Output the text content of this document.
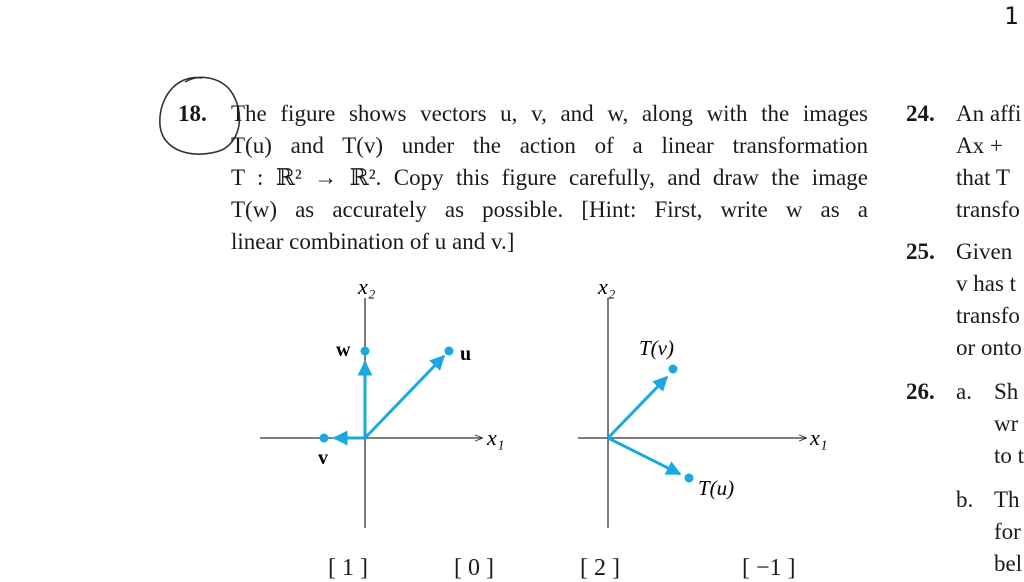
1
18. The figure shows vectors u, v, and w, along with the images
T(u) and T(v) under the action of a linear transformation
T : ℝ² → ℝ². Copy this figure carefully, and draw the image
T(w) as accurately as possible. [Hint: First, write w as a
linear combination of u and v.]
x₁
x₂
u
w
v
x₁
x₂
T(v)
T(u)
[ 1 ]	[ 0 ]	[ 2 ]	[ −1 ]
24. An affi
Ax +
that T
transfo
25. Given
v has t
transfo
or onto
26. a. Sh
wr
to t
b. Th
for
bel
